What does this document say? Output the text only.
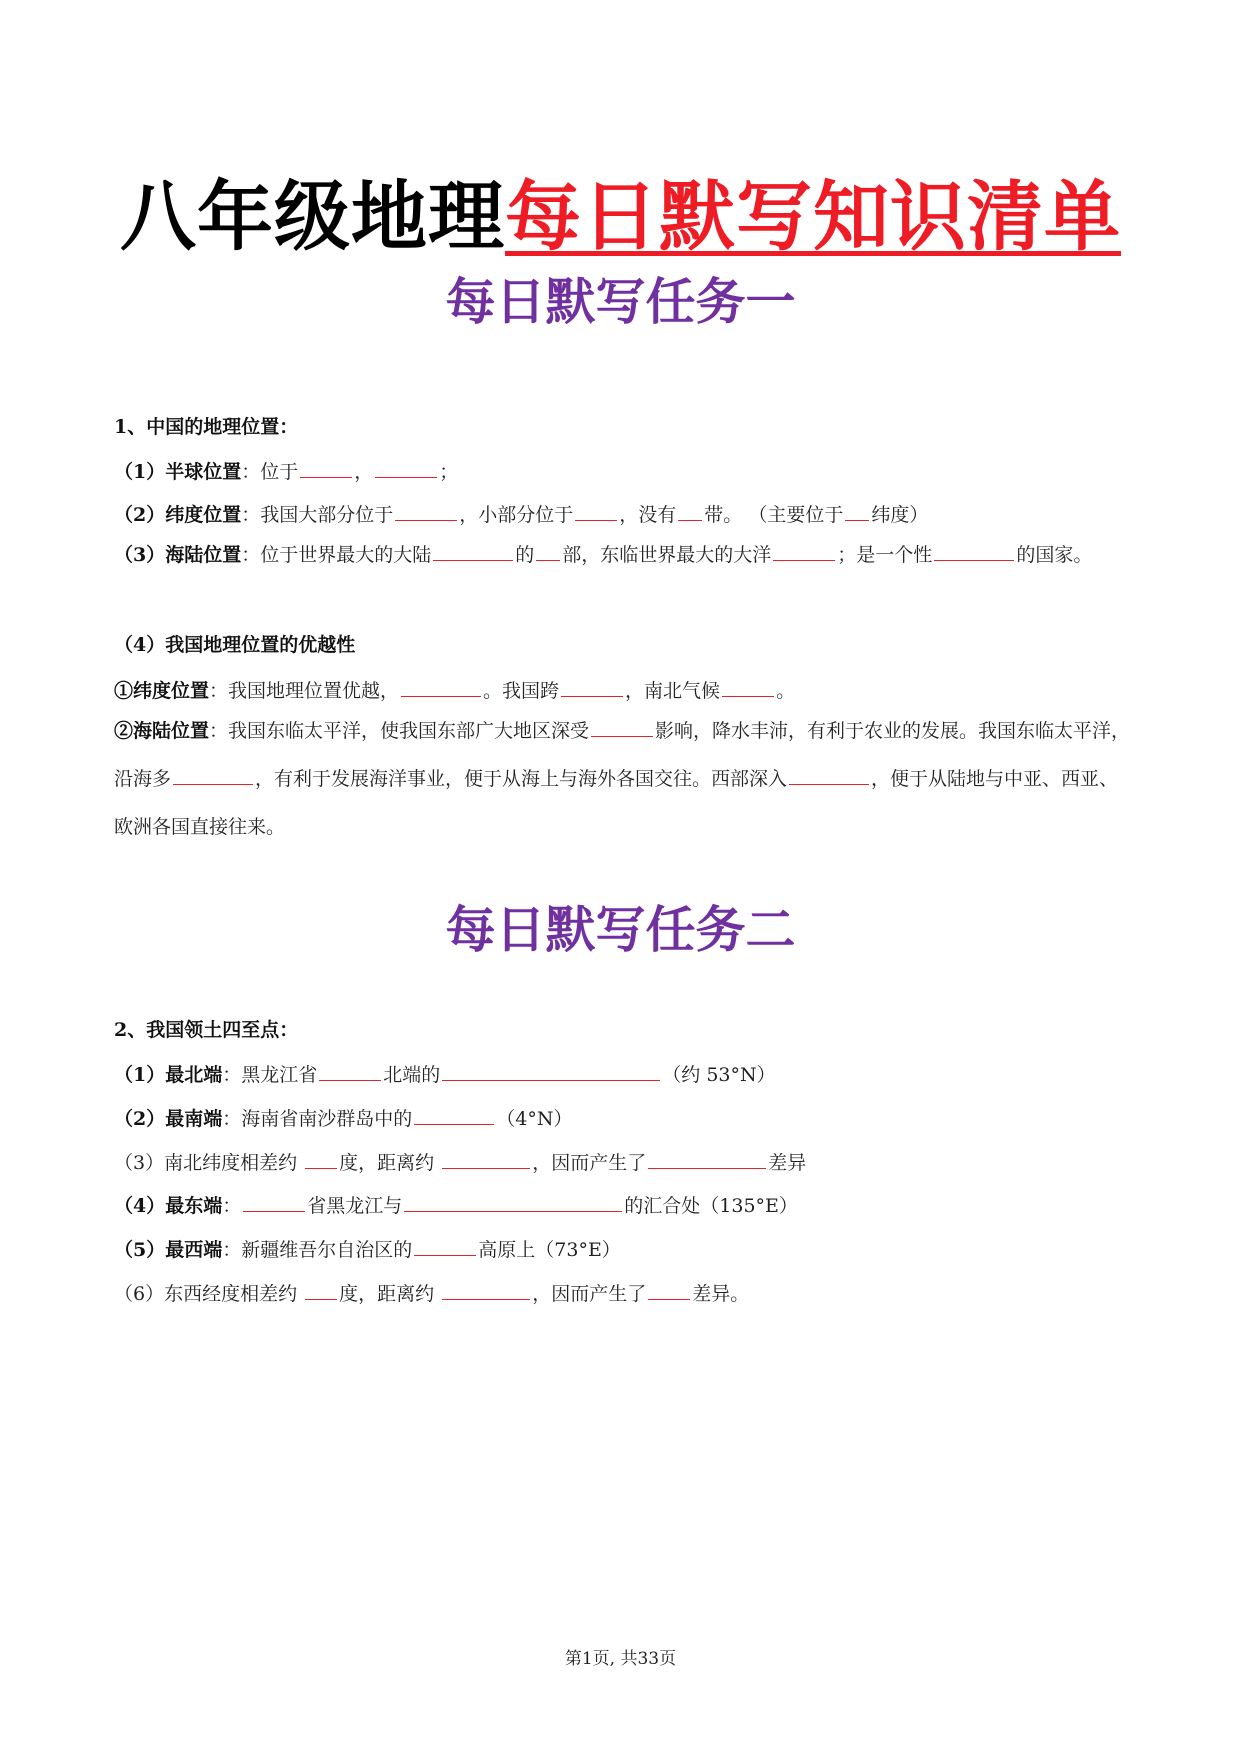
八年级地理每日默写知识清单
每日默写任务一

1、中国的地理位置：

（1）半球位置：位于	，	；

（2）纬度位置：我国大部分位于	，小部分位于 ，没有 带。 （主要位于 纬度）

（3）海陆位置：位于世界最大的大陆	的 部，东临世界最大的大洋	；是一个性	的国家。

（4）我国地理位置的优越性

①纬度位置：我国地理位置优越，	。我国跨	，南北气候	。

②海陆位置：我国东临太平洋，使我国东部广大地区深受	影响，降水丰沛，有利于农业的发展。我国东临太平洋，沿海多	，有利于发展海洋事业，便于从海上与海外各国交往。西部深入	，便于从陆地与中亚、西亚、欧洲各国直接往来。

每日默写任务二

2、我国领土四至点：

（1）最北端：黑龙江省	北端的	（约 53°N）

（2）最南端：海南省南沙群岛中的	（4°N）

（3）南北纬度相差约 度，距离约	，因而产生了	差异

（4）最东端：	省黑龙江与	的汇合处（135°E）

（5）最西端：新疆维吾尔自治区的	高原上（73°E）

（6）东西经度相差约 度，距离约	，因而产生了 差异。

第1页, 共33页
